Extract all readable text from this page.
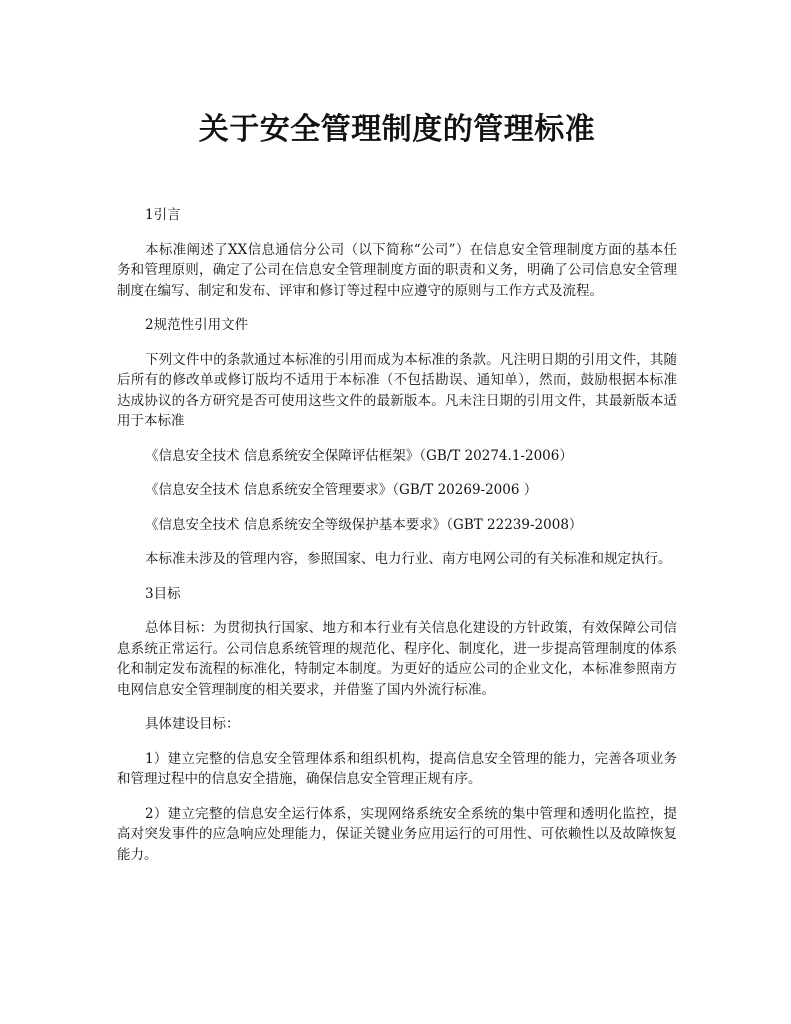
关于安全管理制度的管理标准

1引言

本标准阐述了XX信息通信分公司（以下简称“公司”）在信息安全管理制度方面的基本任务和管理原则，确定了公司在信息安全管理制度方面的职责和义务，明确了公司信息安全管理制度在编写、制定和发布、评审和修订等过程中应遵守的原则与工作方式及流程。

2规范性引用文件

下列文件中的条款通过本标准的引用而成为本标准的条款。凡注明日期的引用文件，其随后所有的修改单或修订版均不适用于本标准（不包括勘误、通知单），然而，鼓励根据本标准达成协议的各方研究是否可使用这些文件的最新版本。凡未注日期的引用文件，其最新版本适用于本标准

《信息安全技术 信息系统安全保障评估框架》（GB/T 20274.1-2006）

《信息安全技术 信息系统安全管理要求》（GB/T 20269-2006 ）

《信息安全技术 信息系统安全等级保护基本要求》（GBT 22239-2008）

本标准未涉及的管理内容，参照国家、电力行业、南方电网公司的有关标准和规定执行。

3目标

总体目标：为贯彻执行国家、地方和本行业有关信息化建设的方针政策，有效保障公司信息系统正常运行。公司信息系统管理的规范化、程序化、制度化，进一步提高管理制度的体系化和制定发布流程的标准化，特制定本制度。为更好的适应公司的企业文化，本标准参照南方电网信息安全管理制度的相关要求，并借鉴了国内外流行标准。

具体建设目标：

1）建立完整的信息安全管理体系和组织机构，提高信息安全管理的能力，完善各项业务和管理过程中的信息安全措施，确保信息安全管理正规有序。

2）建立完整的信息安全运行体系，实现网络系统安全系统的集中管理和透明化监控，提高对突发事件的应急响应处理能力，保证关键业务应用运行的可用性、可依赖性以及故障恢复能力。
